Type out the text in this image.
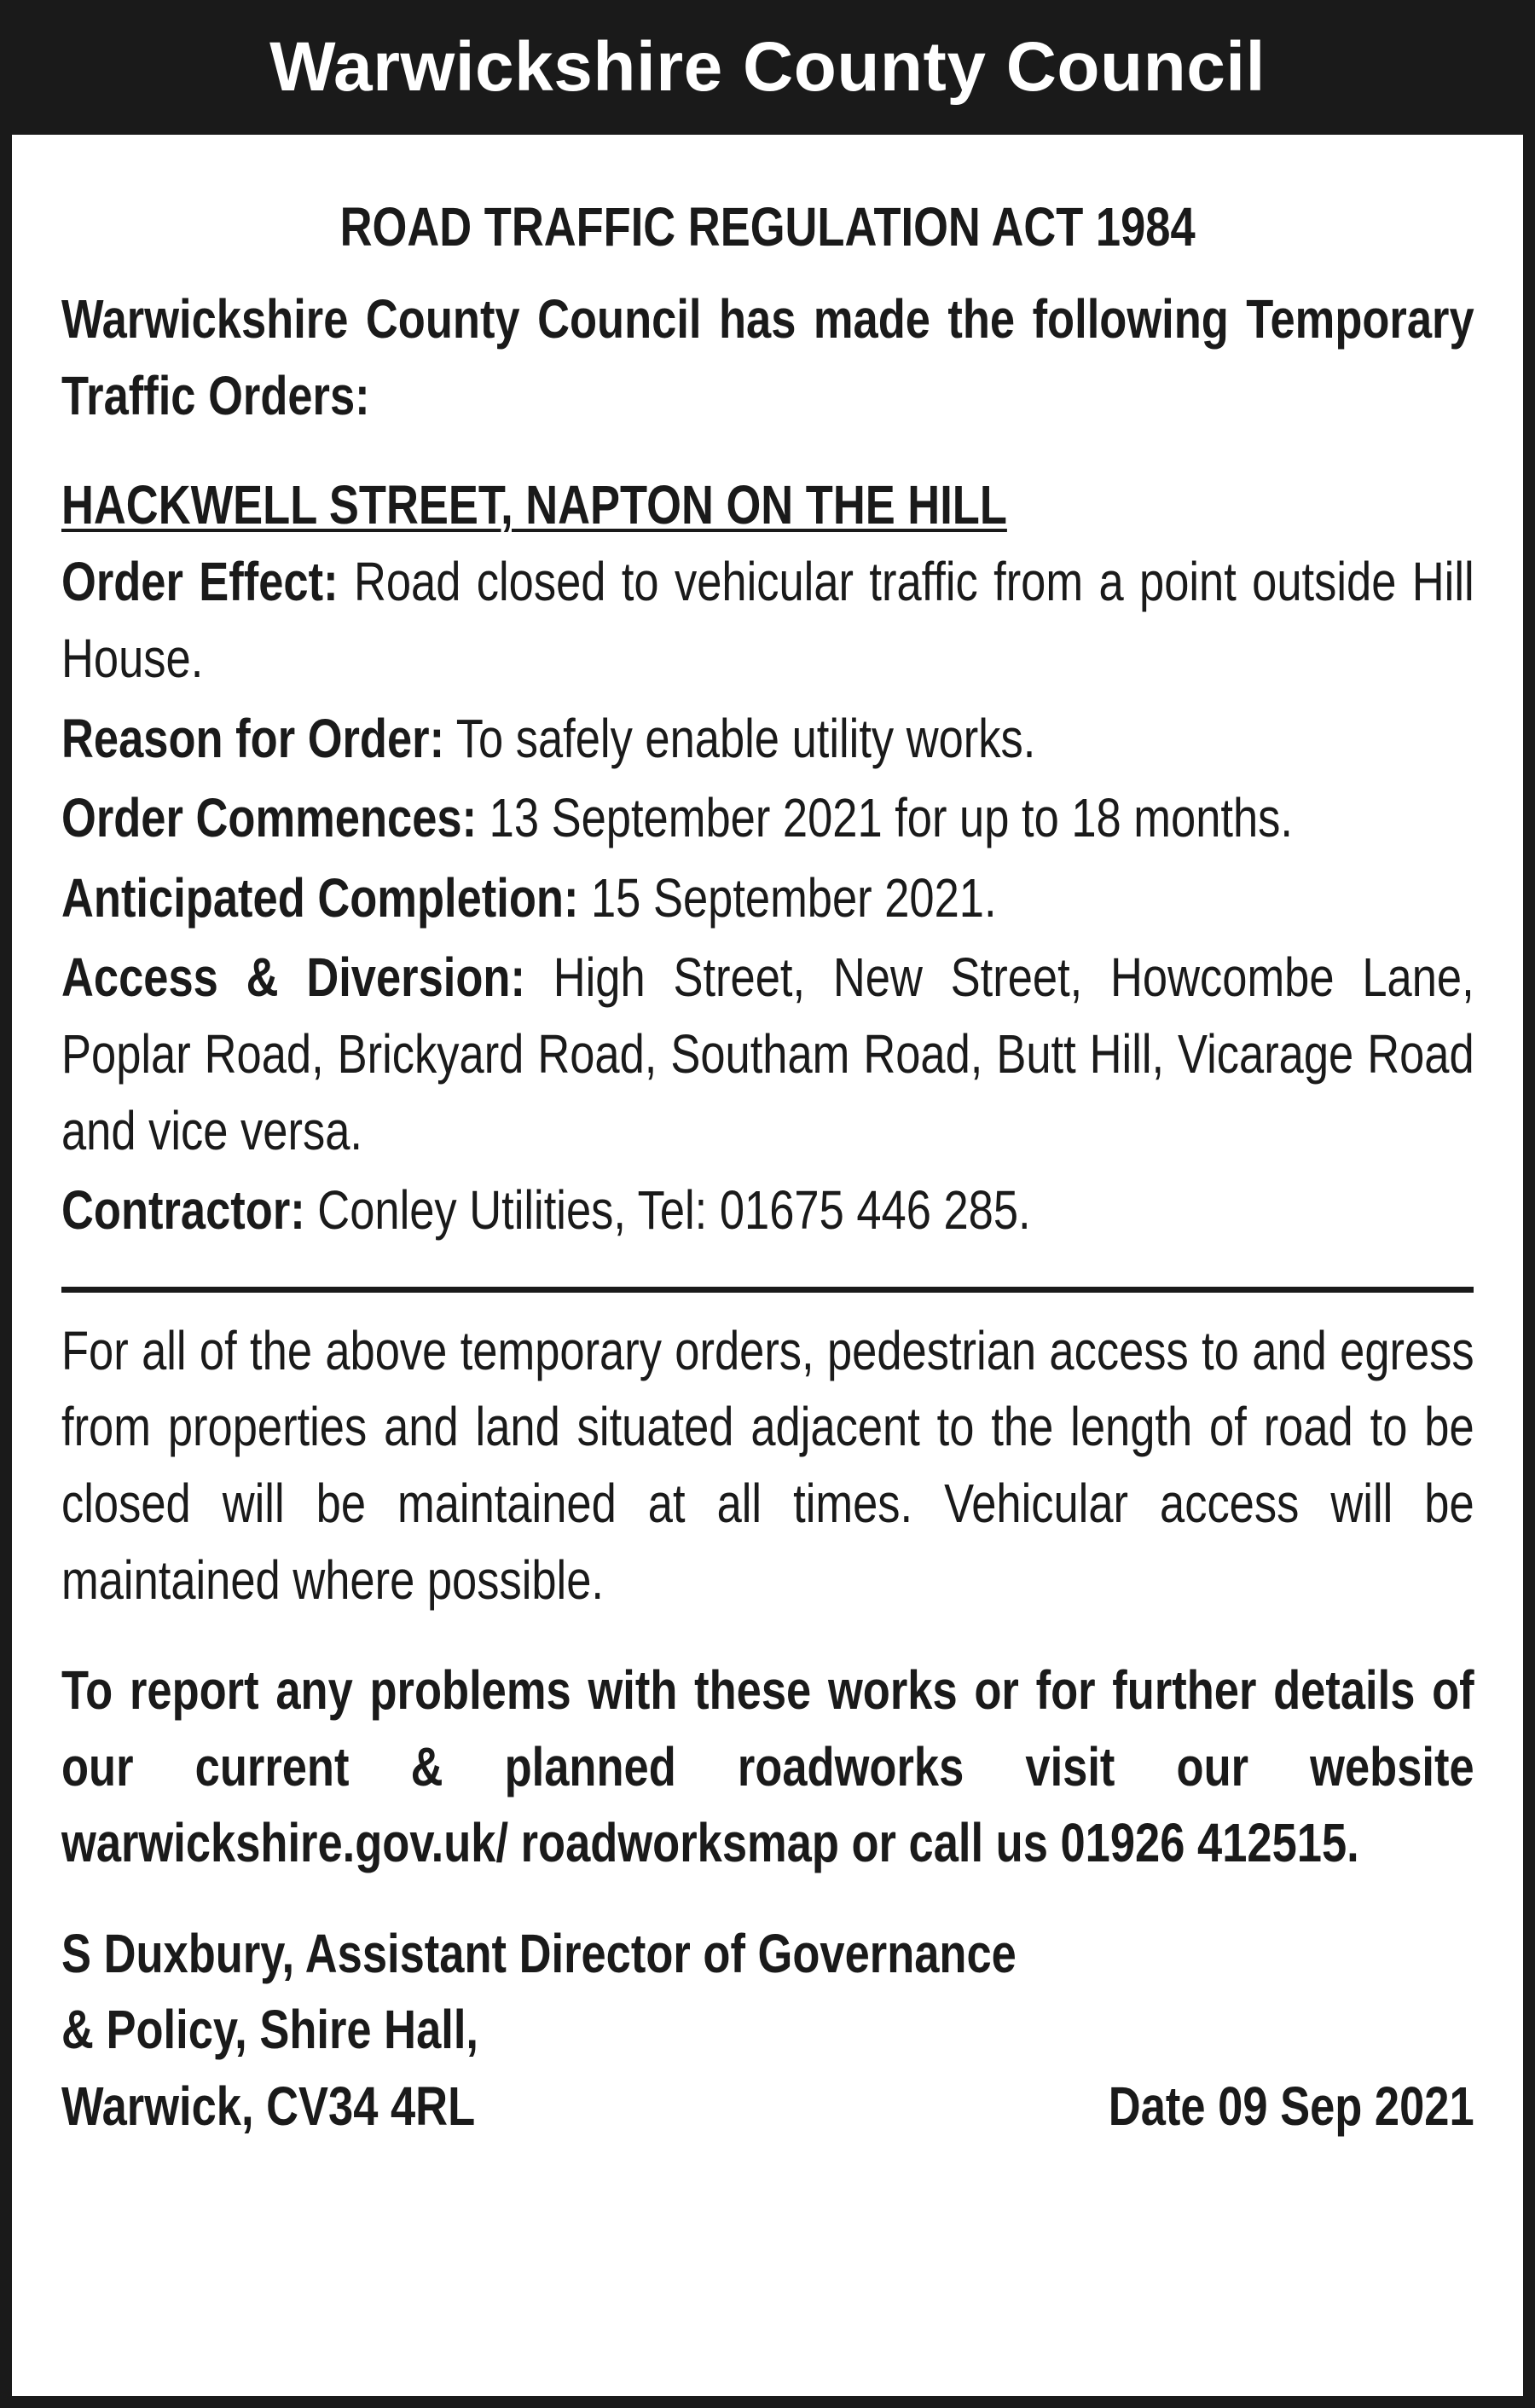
Warwickshire County Council
ROAD TRAFFIC REGULATION ACT 1984

Warwickshire County Council has made the following Temporary Traffic Orders:

HACKWELL STREET, NAPTON ON THE HILL

Order Effect: Road closed to vehicular traffic from a point outside Hill House.

Reason for Order: To safely enable utility works.

Order Commences: 13 September 2021 for up to 18 months.

Anticipated Completion: 15 September 2021.

Access & Diversion: High Street, New Street, Howcombe Lane, Poplar Road, Brickyard Road, Southam Road, Butt Hill, Vicarage Road and vice versa.

Contractor: Conley Utilities, Tel: 01675 446 285.

For all of the above temporary orders, pedestrian access to and egress from properties and land situated adjacent to the length of road to be closed will be maintained at all times. Vehicular access will be maintained where possible.

To report any problems with these works or for further details of our current & planned roadworks visit our website warwickshire.gov.uk/ roadworksmap or call us 01926 412515.

S Duxbury, Assistant Director of Governance
& Policy, Shire Hall,
Warwick, CV34 4RL	Date 09 Sep 2021
